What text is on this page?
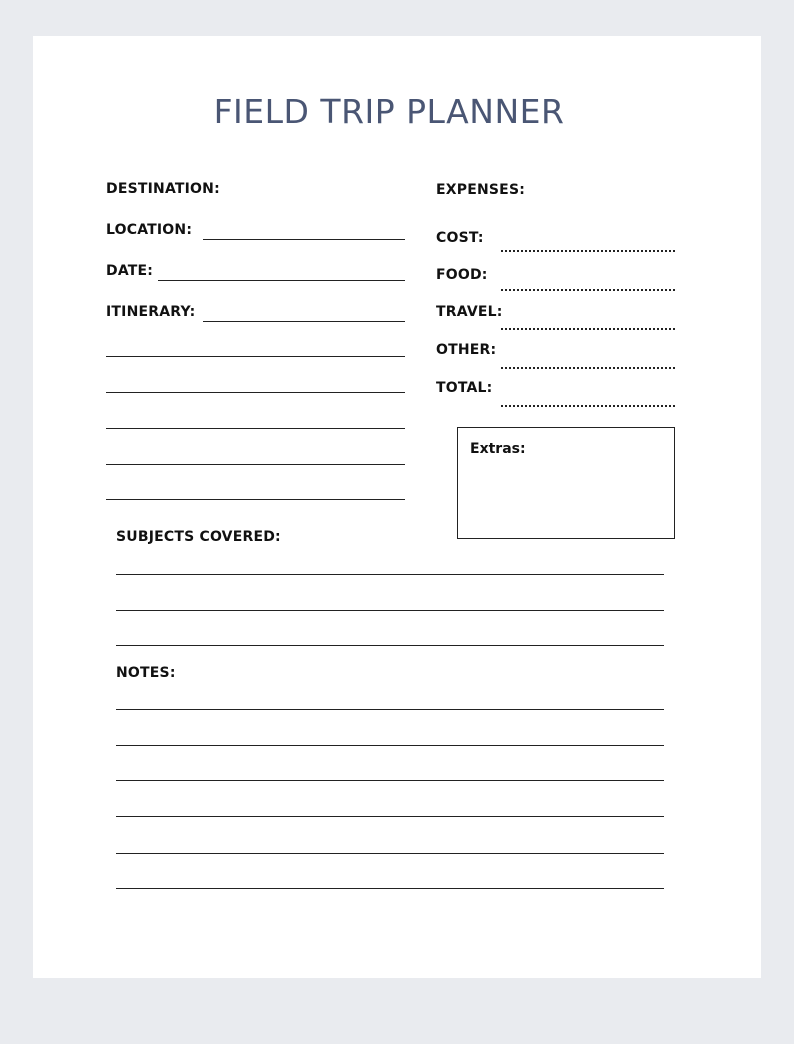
FIELD TRIP PLANNER
DESTINATION:
LOCATION:
DATE:
ITINERARY:
EXPENSES:
COST:
FOOD:
TRAVEL:
OTHER:
TOTAL:
Extras:
SUBJECTS COVERED:
NOTES:
